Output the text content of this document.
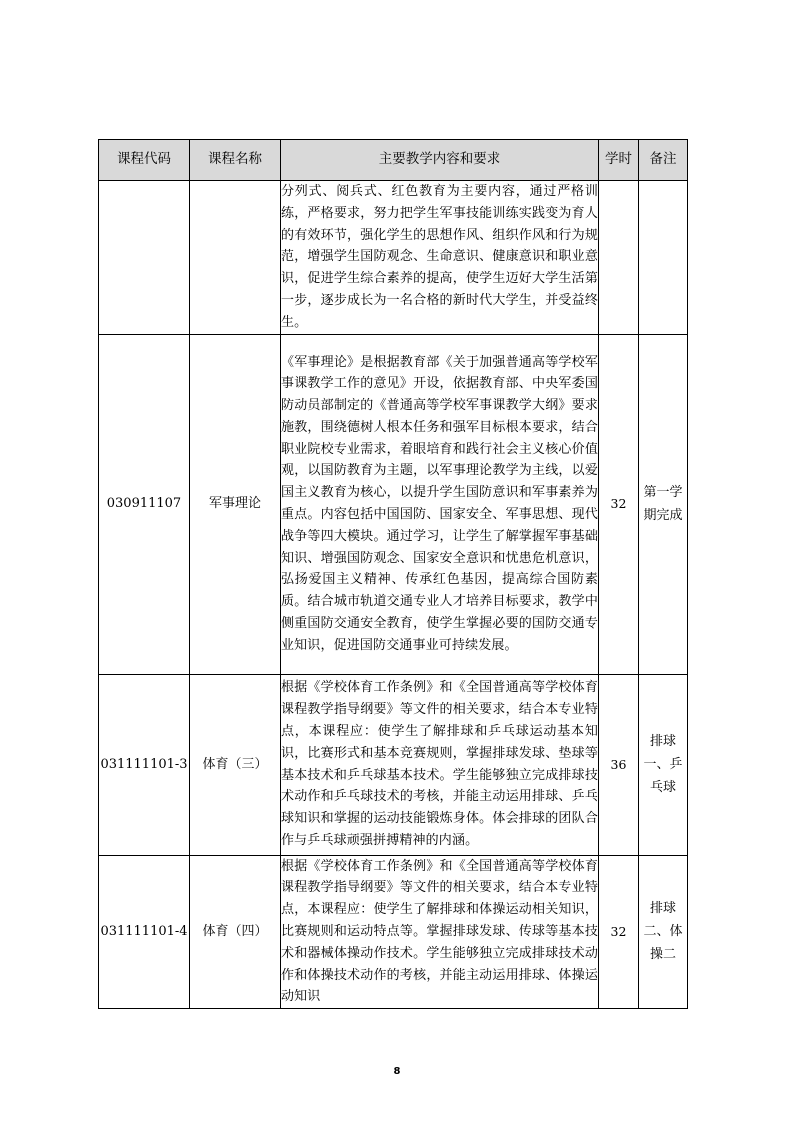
课程代码	课程名称	主要教学内容和要求	学时	备注
		分列式、阅兵式、红色教育为主要内容，通过严格训练，严格要求，努力把学生军事技能训练实践变为育人的有效环节，强化学生的思想作风、组织作风和行为规范，增强学生国防观念、生命意识、健康意识和职业意识，促进学生综合素养的提高，使学生迈好大学生活第一步，逐步成长为一名合格的新时代大学生，并受益终生。		
030911107	军事理论	《军事理论》是根据教育部《关于加强普通高等学校军事课教学工作的意见》开设，依据教育部、中央军委国防动员部制定的《普通高等学校军事课教学大纲》要求施教，围绕德树人根本任务和强军目标根本要求，结合职业院校专业需求，着眼培育和践行社会主义核心价值观，以国防教育为主题，以军事理论教学为主线，以爱国主义教育为核心，以提升学生国防意识和军事素养为重点。内容包括中国国防、国家安全、军事思想、现代战争等四大模块。通过学习，让学生了解掌握军事基础知识、增强国防观念、国家安全意识和忧患危机意识，弘扬爱国主义精神、传承红色基因，提高综合国防素质。结合城市轨道交通专业人才培养目标要求，教学中侧重国防交通安全教育，使学生掌握必要的国防交通专业知识，促进国防交通事业可持续发展。	32	第一学期完成
031111101-3	体育（三）	根据《学校体育工作条例》和《全国普通高等学校体育课程教学指导纲要》等文件的相关要求，结合本专业特点，本课程应：使学生了解排球和乒乓球运动基本知识，比赛形式和基本竞赛规则，掌握排球发球、垫球等基本技术和乒乓球基本技术。学生能够独立完成排球技术动作和乒乓球技术的考核，并能主动运用排球、乒乓球知识和掌握的运动技能锻炼身体。体会排球的团队合作与乒乓球顽强拼搏精神的内涵。	36	排球一、乒乓球
031111101-4	体育（四）	根据《学校体育工作条例》和《全国普通高等学校体育课程教学指导纲要》等文件的相关要求，结合本专业特点，本课程应：使学生了解排球和体操运动相关知识，比赛规则和运动特点等。掌握排球发球、传球等基本技术和器械体操动作技术。学生能够独立完成排球技术动作和体操技术动作的考核，并能主动运用排球、体操运动知识	32	排球二、体操二
8
